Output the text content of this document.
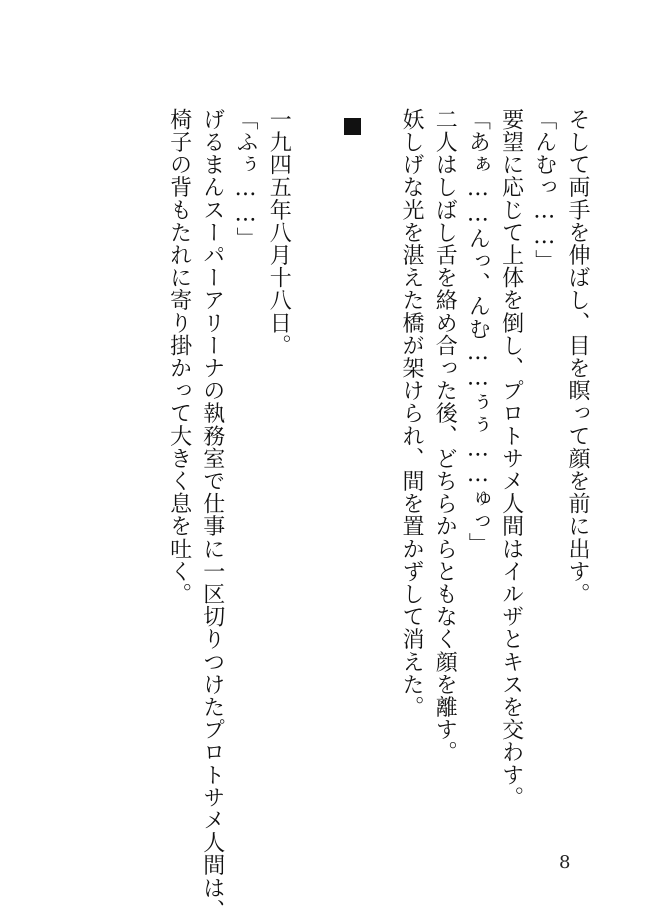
そして両手を伸ばし、目を瞑って顔を前に出す。
「んむっ……」
要望に応じて上体を倒し、プロトサメ人間はイルザとキスを交わす。
「あぁ……んっ、んむ……ぅぅ……ゅっ」
二人はしばし舌を絡め合った後、どちらからともなく顔を離す。
妖しげな光を湛えた橋が架けられ、間を置かずして消えた。
一九四五年八月十八日。
「ふぅ……」
げるまんスーパーアリーナの執務室で仕事に一区切りつけたプロトサメ人間は、
椅子の背もたれに寄り掛かって大きく息を吐く。
8
